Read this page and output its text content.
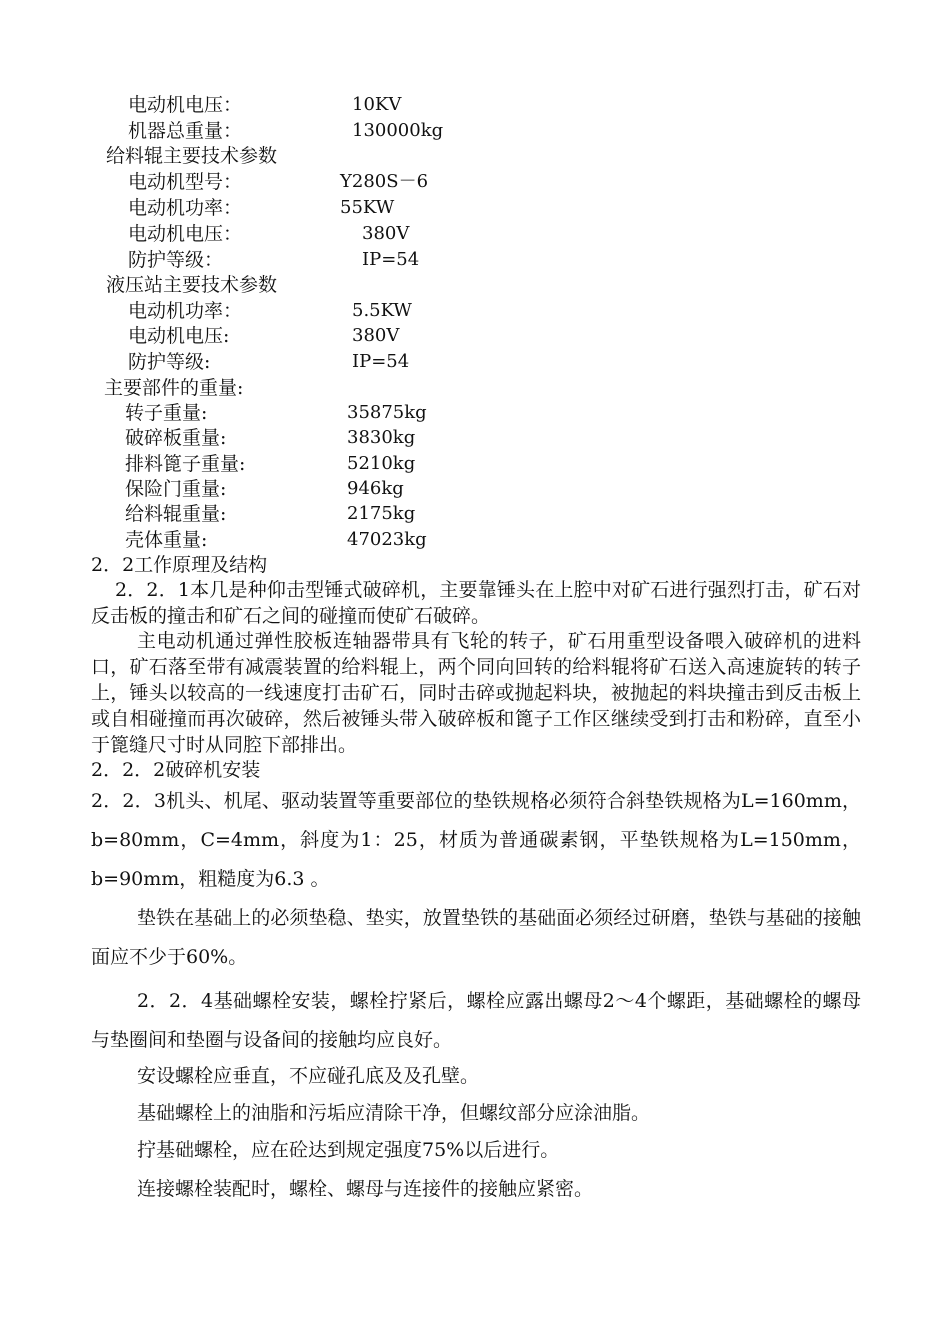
电动机电压：	10KV
机器总重量：	130000kg
给料辊主要技术参数
电动机型号：	Y280S－6
电动机功率：	55KW
电动机电压：	380V
防护等级：	IP=54
液压站主要技术参数
电动机功率：	5.5KW
电动机电压:	380V
防护等级:	IP=54
主要部件的重量:
转子重量:	35875kg
破碎板重量:	3830kg
排料篦子重量:	5210kg
保险门重量:	946kg
给料辊重量:	2175kg
壳体重量:	47023kg
2．2工作原理及结构
2．2．1本几是种仰击型锤式破碎机，主要靠锤头在上腔中对矿石进行强烈打击，矿石对反击板的撞击和矿石之间的碰撞而使矿石破碎。
主电动机通过弹性胶板连轴器带具有飞轮的转子，矿石用重型设备喂入破碎机的进料口，矿石落至带有减震装置的给料辊上，两个同向回转的给料辊将矿石送入高速旋转的转子上，锤头以较高的一线速度打击矿石，同时击碎或抛起料块，被抛起的料块撞击到反击板上或自相碰撞而再次破碎，然后被锤头带入破碎板和篦子工作区继续受到打击和粉碎，直至小于篦缝尺寸时从同腔下部排出。
2．2．2破碎机安装
2．2．3机头、机尾、驱动装置等重要部位的垫铁规格必须符合斜垫铁规格为L=160mm，b=80mm，C=4mm，斜度为1：25，材质为普通碳素钢，平垫铁规格为L=150mm，b=90mm，粗糙度为6.3 。
垫铁在基础上的必须垫稳、垫实，放置垫铁的基础面必须经过研磨，垫铁与基础的接触面应不少于60%。
2．2．4基础螺栓安装，螺栓拧紧后，螺栓应露出螺母2～4个螺距，基础螺栓的螺母与垫圈间和垫圈与设备间的接触均应良好。
安设螺栓应垂直，不应碰孔底及及孔壁。
基础螺栓上的油脂和污垢应清除干净，但螺纹部分应涂油脂。
拧基础螺栓，应在砼达到规定强度75%以后进行。
连接螺栓装配时，螺栓、螺母与连接件的接触应紧密。
